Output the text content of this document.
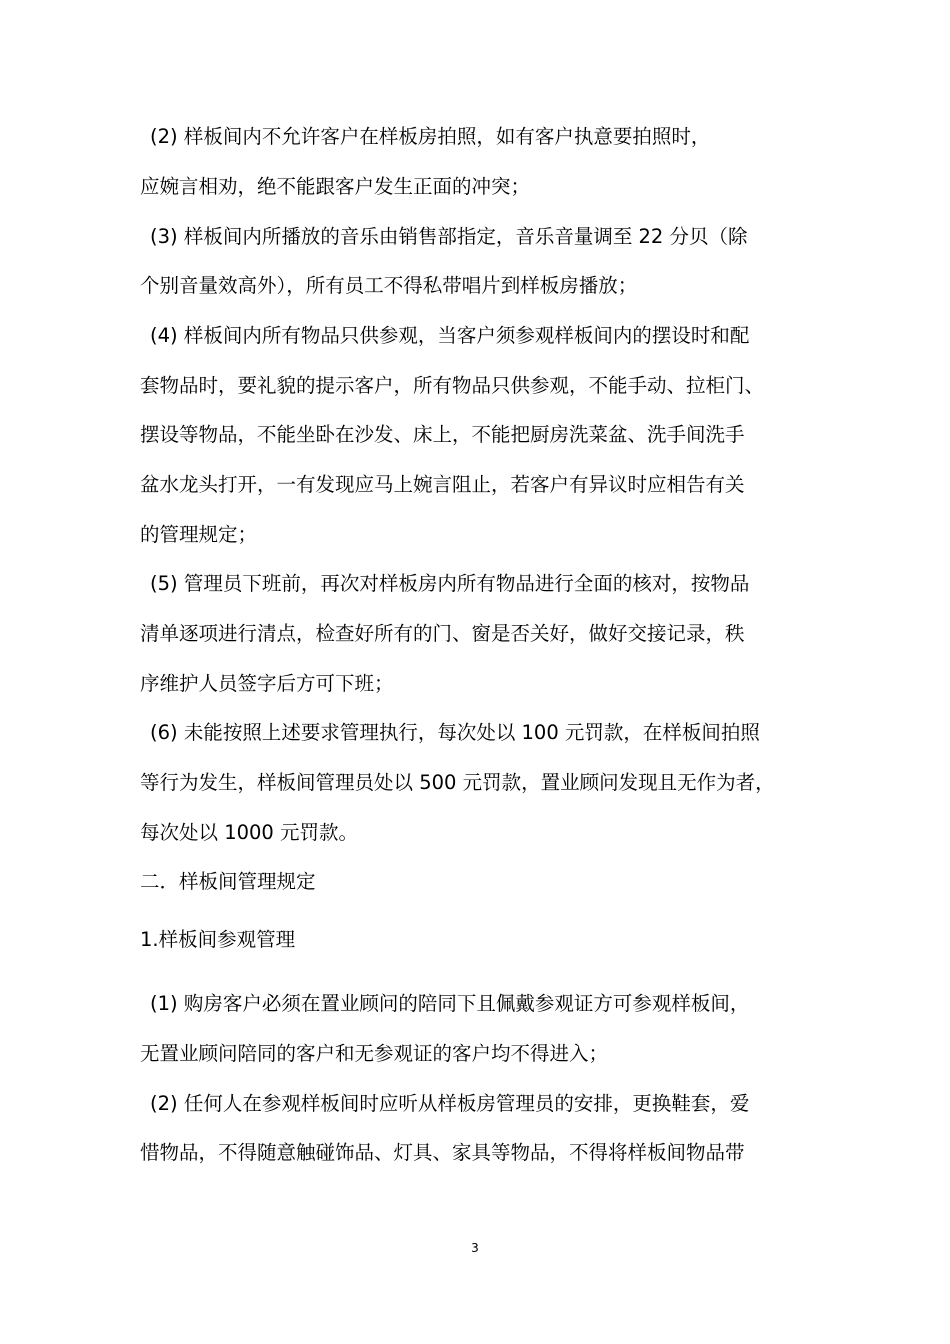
(2) 样板间内不允许客户在样板房拍照，如有客户执意要拍照时，
应婉言相劝，绝不能跟客户发生正面的冲突；
(3) 样板间内所播放的音乐由销售部指定，音乐音量调至 22 分贝（除
个别音量效高外），所有员工不得私带唱片到样板房播放；
(4) 样板间内所有物品只供参观，当客户须参观样板间内的摆设时和配
套物品时，要礼貌的提示客户，所有物品只供参观，不能手动、拉柜门、
摆设等物品，不能坐卧在沙发、床上，不能把厨房洗菜盆、洗手间洗手
盆水龙头打开，一有发现应马上婉言阻止，若客户有异议时应相告有关
的管理规定；
(5) 管理员下班前，再次对样板房内所有物品进行全面的核对，按物品
清单逐项进行清点，检查好所有的门、窗是否关好，做好交接记录，秩
序维护人员签字后方可下班；
(6) 未能按照上述要求管理执行，每次处以 100 元罚款，在样板间拍照
等行为发生，样板间管理员处以 500 元罚款，置业顾问发现且无作为者，
每次处以 1000 元罚款。
二．样板间管理规定
1.样板间参观管理
(1) 购房客户必须在置业顾问的陪同下且佩戴参观证方可参观样板间，
无置业顾问陪同的客户和无参观证的客户均不得进入；
(2) 任何人在参观样板间时应听从样板房管理员的安排，更换鞋套，爱
惜物品，不得随意触碰饰品、灯具、家具等物品，不得将样板间物品带
3
